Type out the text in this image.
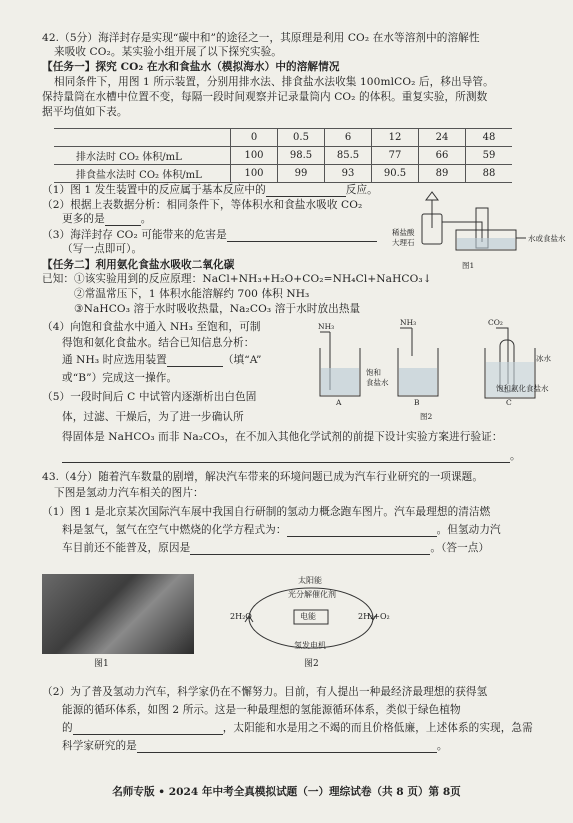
42.（5分）海洋封存是实现“碳中和”的途径之一，其原理是利用 CO₂ 在水等溶剂中的溶解性
来吸收 CO₂。某实验小组开展了以下探究实验。
【任务一】探究 CO₂ 在水和食盐水（模拟海水）中的溶解情况
相同条件下，用图 1 所示装置，分别用排水法、排食盐水法收集 100mlCO₂ 后，移出导管。
保持量筒在水槽中位置不变，每隔一段时间观察并记录量筒内 CO₂ 的体积。重复实验，所测数
据平均值如下表。
	0	0.5	6	12	24	48
排水法时 CO₂ 体积/mL	100	98.5	85.5	77	66	59
排食盐水法时 CO₂ 体积/mL	100	99	93	90.5	89	88
（1）图 1 发生装置中的反应属于基本反应中的	反应。
（2）根据上表数据分析：相同条件下，等体积水和食盐水吸收 CO₂
更多的是	。
（3）海洋封存 CO₂ 可能带来的危害是
（写一点即可）。
稀盐酸
大理石	水或食盐水
图1
【任务二】利用氨化食盐水吸收二氧化碳
已知： ①该实验用到的反应原理：NaCl+NH₃+H₂O+CO₂=NH₄Cl+NaHCO₃↓
②常温常压下，1 体积水能溶解约 700 体积 NH₃
③NaHCO₃ 溶于水时吸收热量，Na₂CO₃ 溶于水时放出热量
（4）向饱和食盐水中通入 NH₃ 至饱和，可制
得饱和氨化食盐水。结合已知信息分析：
通 NH₃ 时应选用装置	（填“A”
或“B”）完成这一操作。
NH₃	NH₃	CO₂
饱和
食盐水
冰水
饱和氨化食盐水
A	B	C
图2
（5）一段时间后 C 中试管内逐渐析出白色固
体，过滤、干燥后，为了进一步确认所
得固体是 NaHCO₃ 而非 Na₂CO₃，在不加入其他化学试剂的前提下设计实验方案进行验证：
。
43.（4分）随着汽车数量的剧增，解决汽车带来的环境问题已成为汽车行业研究的一项课题。
下图是氢动力汽车相关的图片：
（1）图 1 是北京某次国际汽车展中我国自行研制的氢动力概念跑车图片。汽车最理想的清洁燃
料是氢气，氢气在空气中燃烧的化学方程式为：	。但氢动力汽
车目前还不能普及，原因是	。（答一点）
图1
太阳能
光分解催化剂
电能
2H₂O	2H₂+O₂
氢发电机
图2
（2）为了普及氢动力汽车，科学家仍在不懈努力。目前，有人提出一种最经济最理想的获得氢
能源的循环体系，如图 2 所示。这是一种最理想的氢能源循环体系，类似于绿色植物
的	，太阳能和水是用之不竭的而且价格低廉，上述体系的实现，急需
科学家研究的是	。
名师专版 • 2024 年中考全真模拟试题（一）理综试卷（共 8 页）第 8页
